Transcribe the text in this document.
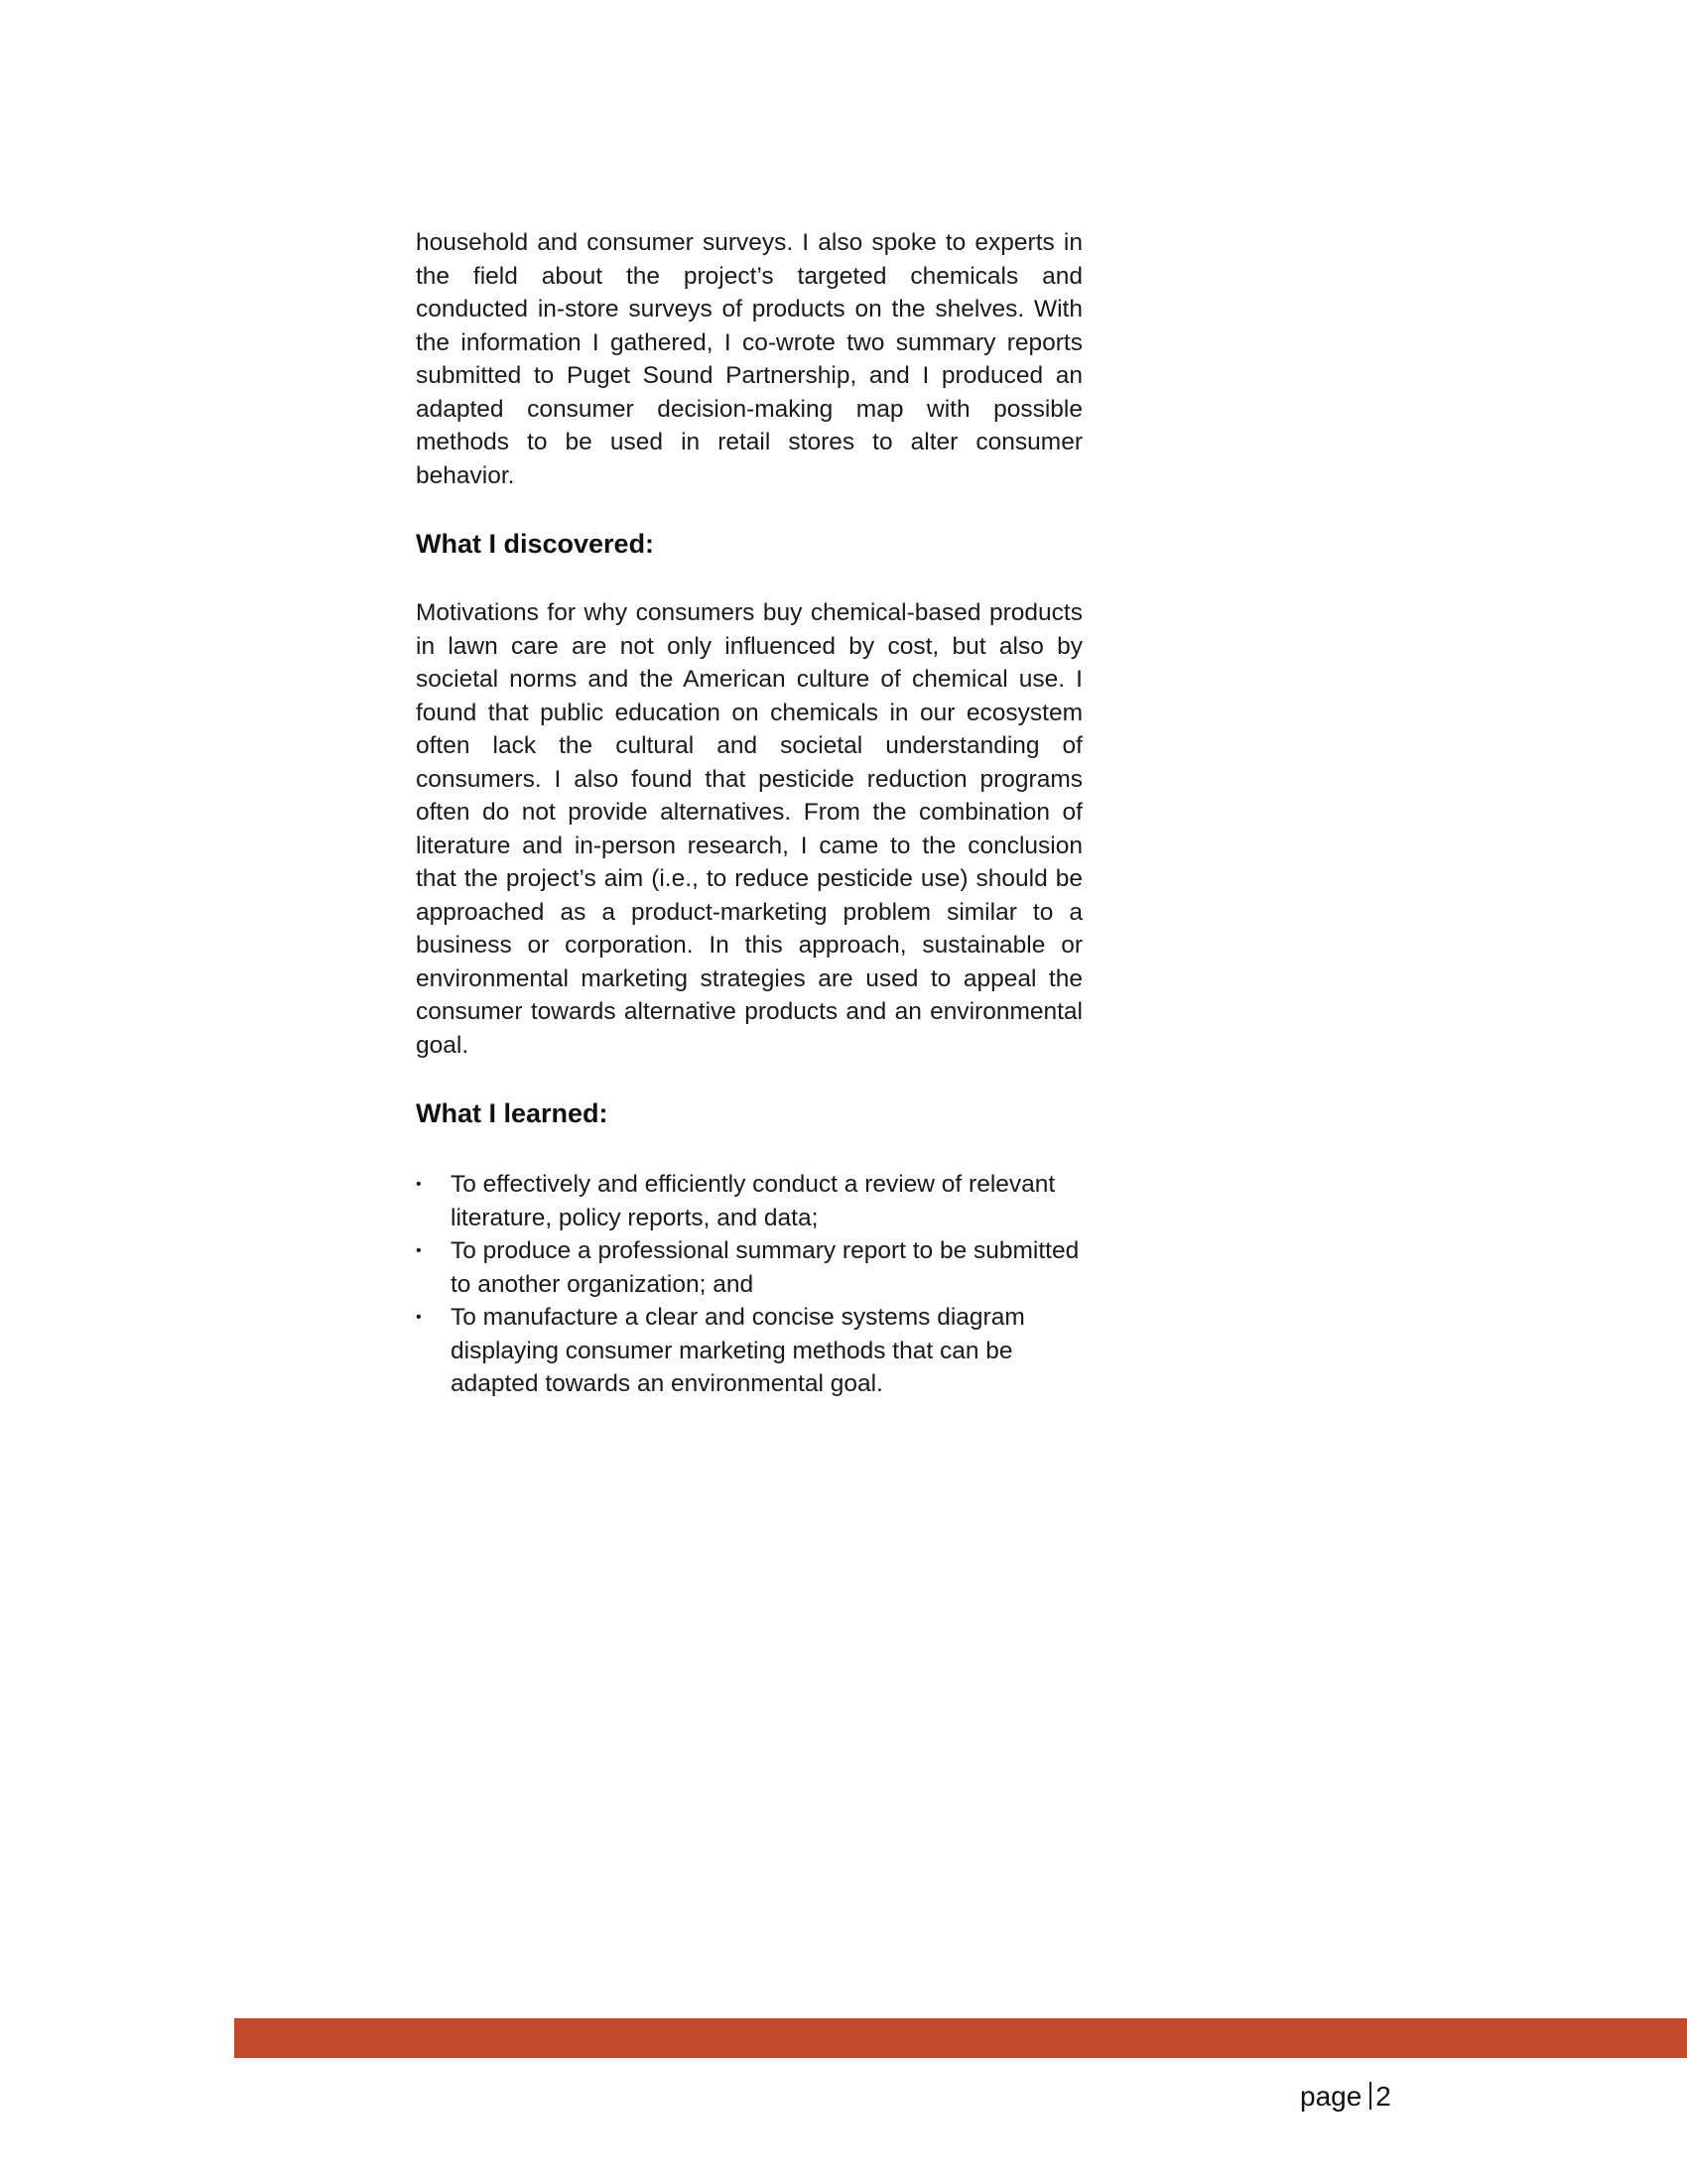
household and consumer surveys. I also spoke to experts in the field about the project’s targeted chemicals and conducted in-store surveys of products on the shelves. With the information I gathered, I co-wrote two summary reports submitted to Puget Sound Partnership, and I produced an adapted consumer decision-making map with possible methods to be used in retail stores to alter consumer behavior.

What I discovered:

Motivations for why consumers buy chemical-based products in lawn care are not only influenced by cost, but also by societal norms and the American culture of chemical use. I found that public education on chemicals in our ecosystem often lack the cultural and societal understanding of consumers. I also found that pesticide reduction programs often do not provide alternatives. From the combination of literature and in-person research, I came to the conclusion that the project’s aim (i.e., to reduce pesticide use) should be approached as a product-marketing problem similar to a business or corporation. In this approach, sustainable or environmental marketing strategies are used to appeal the consumer towards alternative products and an environmental goal.

What I learned:
• To effectively and efficiently conduct a review of relevant literature, policy reports, and data;
• To produce a professional summary report to be submitted to another organization; and
• To manufacture a clear and concise systems diagram displaying consumer marketing methods that can be adapted towards an environmental goal.
page 2
